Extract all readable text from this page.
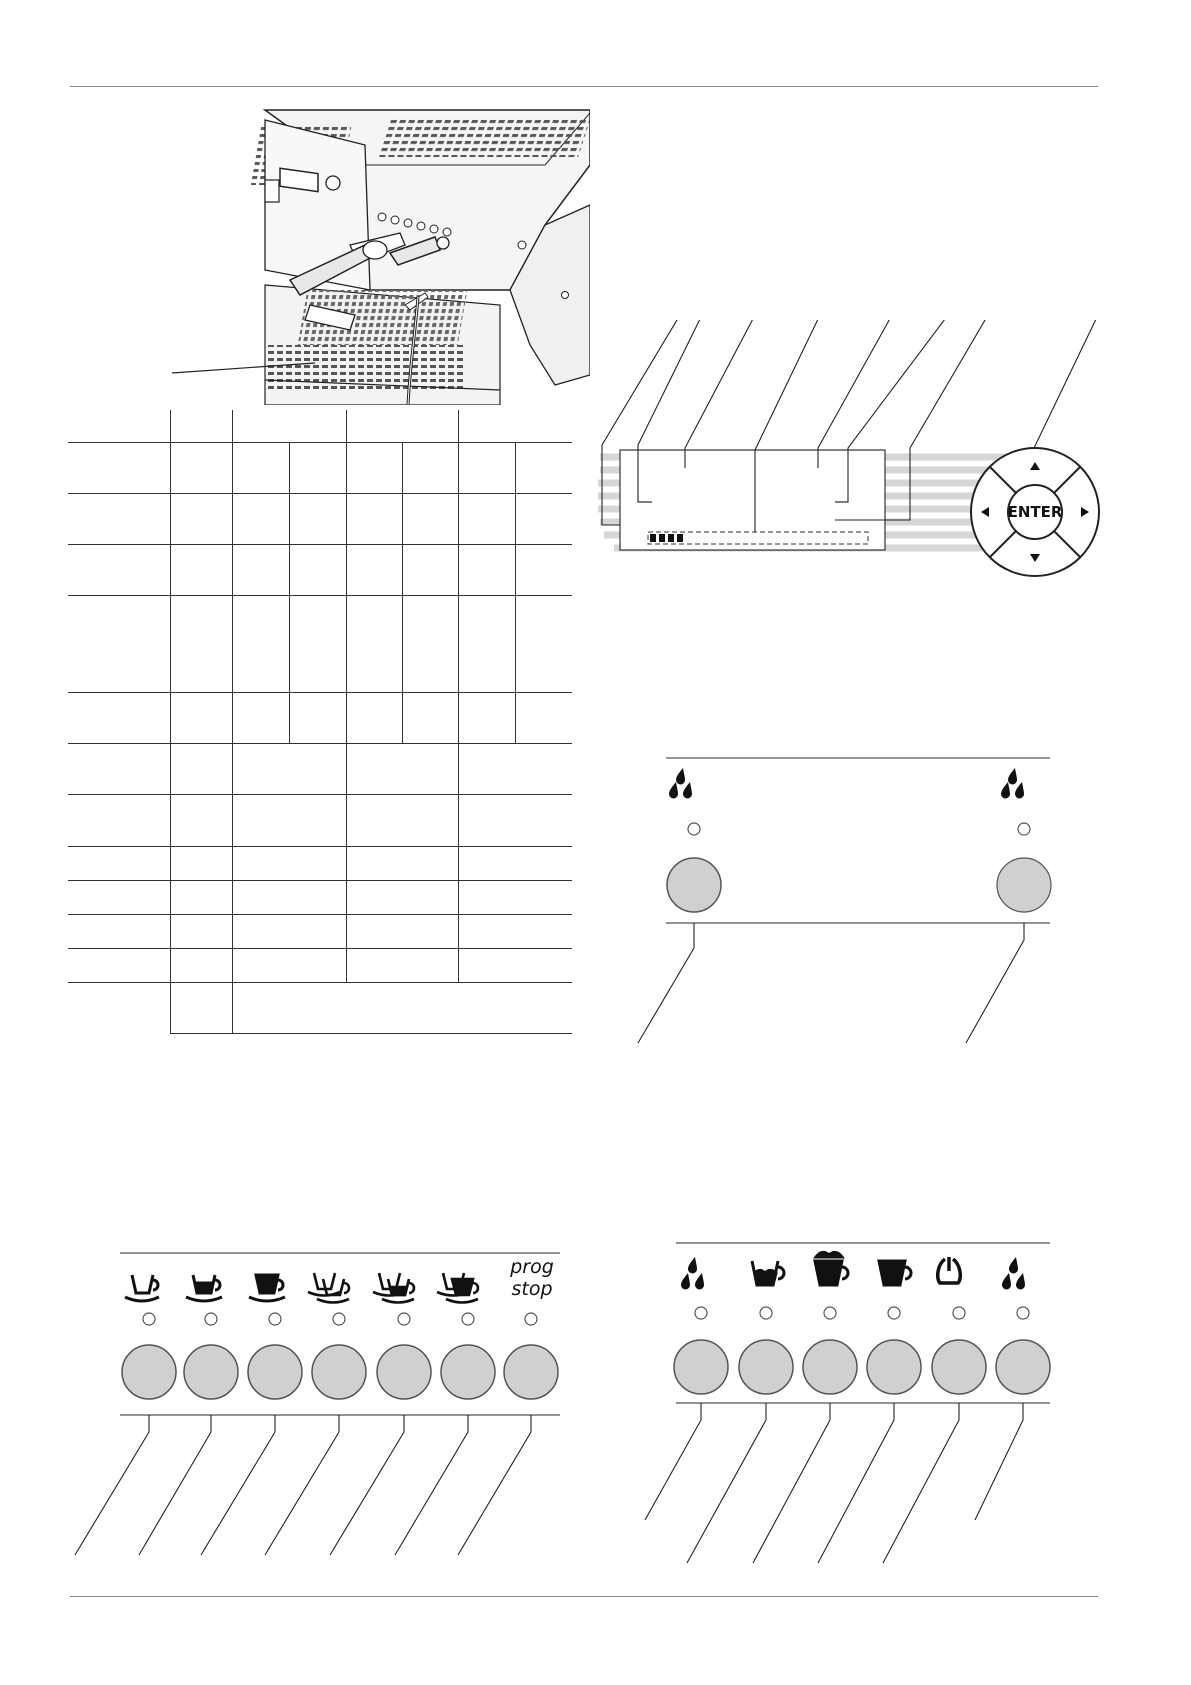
ENTER
prog
stop
